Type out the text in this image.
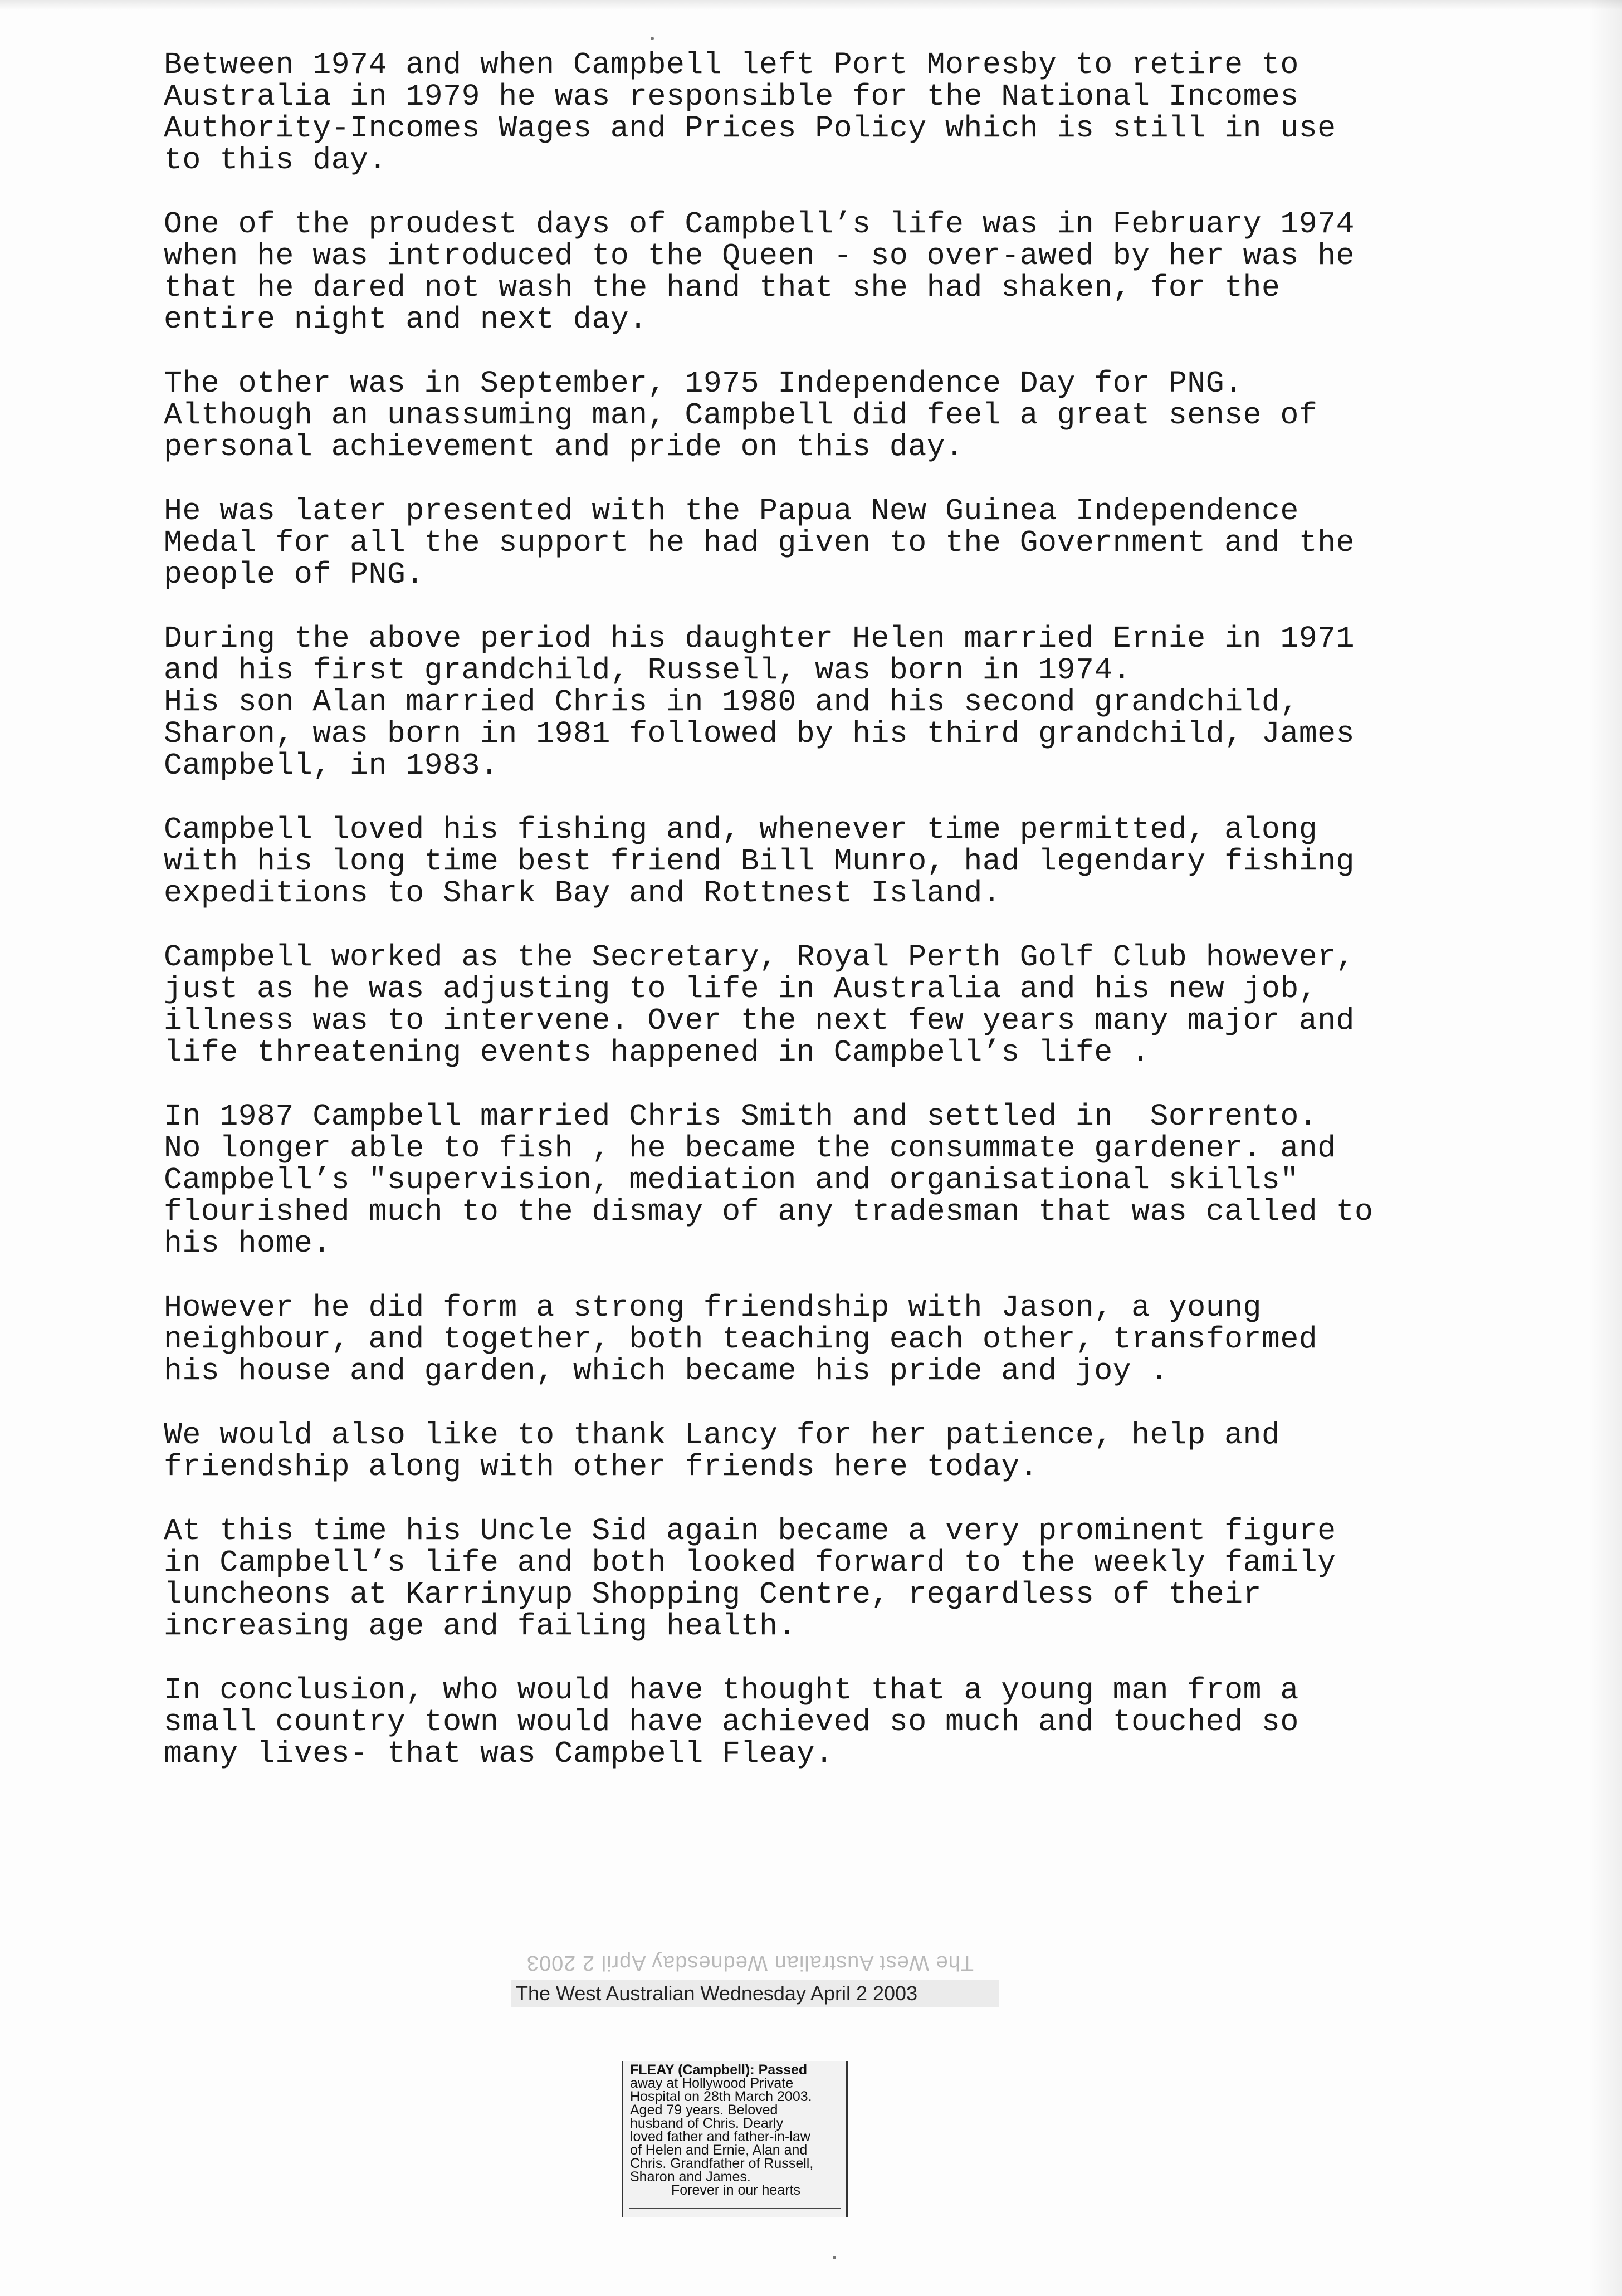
Between 1974 and when Campbell left Port Moresby to retire to
Australia in 1979 he was responsible for the National Incomes
Authority-Incomes Wages and Prices Policy which is still in use
to this day.
One of the proudest days of Campbell’s life was in February 1974
when he was introduced to the Queen - so over-awed by her was he
that he dared not wash the hand that she had shaken, for the
entire night and next day.
The other was in September, 1975 Independence Day for PNG.
Although an unassuming man, Campbell did feel a great sense of
personal achievement and pride on this day.
He was later presented with the Papua New Guinea Independence
Medal for all the support he had given to the Government and the
people of PNG.
During the above period his daughter Helen married Ernie in 1971
and his first grandchild, Russell, was born in 1974.
His son Alan married Chris in 1980 and his second grandchild,
Sharon, was born in 1981 followed by his third grandchild, James
Campbell, in 1983.
Campbell loved his fishing and, whenever time permitted, along
with his long time best friend Bill Munro, had legendary fishing
expeditions to Shark Bay and Rottnest Island.
Campbell worked as the Secretary, Royal Perth Golf Club however,
just as he was adjusting to life in Australia and his new job,
illness was to intervene. Over the next few years many major and
life threatening events happened in Campbell’s life .
In 1987 Campbell married Chris Smith and settled in  Sorrento.
No longer able to fish , he became the consummate gardener. and
Campbell’s "supervision, mediation and organisational skills"
flourished much to the dismay of any tradesman that was called to
his home.
However he did form a strong friendship with Jason, a young
neighbour, and together, both teaching each other, transformed
his house and garden, which became his pride and joy .
We would also like to thank Lancy for her patience, help and
friendship along with other friends here today.
At this time his Uncle Sid again became a very prominent figure
in Campbell’s life and both looked forward to the weekly family
luncheons at Karrinyup Shopping Centre, regardless of their
increasing age and failing health.
In conclusion, who would have thought that a young man from a
small country town would have achieved so much and touched so
many lives- that was Campbell Fleay.
The West Australian Wednesday April 2 2003
The West Australian Wednesday April 2 2003
FLEAY (Campbell): Passed
away at Hollywood Private
Hospital on 28th March 2003.
Aged 79 years. Beloved
husband of Chris. Dearly
loved father and father-in-law
of Helen and Ernie, Alan and
Chris. Grandfather of Russell,
Sharon and James.
Forever in our hearts
